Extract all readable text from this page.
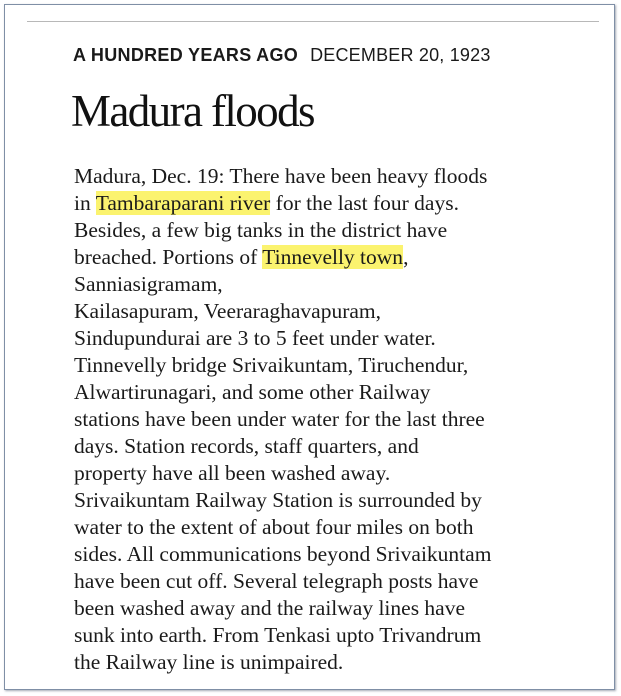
A HUNDRED YEARS AGO DECEMBER 20, 1923
Madura floods
Madura, Dec. 19: There have been heavy floods
in Tambaraparani river for the last four days.
Besides, a few big tanks in the district have
breached. Portions of Tinnevelly town,
Sanniasigramam,
Kailasapuram, Veeraraghavapuram,
Sindupundurai are 3 to 5 feet under water.
Tinnevelly bridge Srivaikuntam, Tiruchendur,
Alwartirunagari, and some other Railway
stations have been under water for the last three
days. Station records, staff quarters, and
property have all been washed away.
Srivaikuntam Railway Station is surrounded by
water to the extent of about four miles on both
sides. All communications beyond Srivaikuntam
have been cut off. Several telegraph posts have
been washed away and the railway lines have
sunk into earth. From Tenkasi upto Trivandrum
the Railway line is unimpaired.
